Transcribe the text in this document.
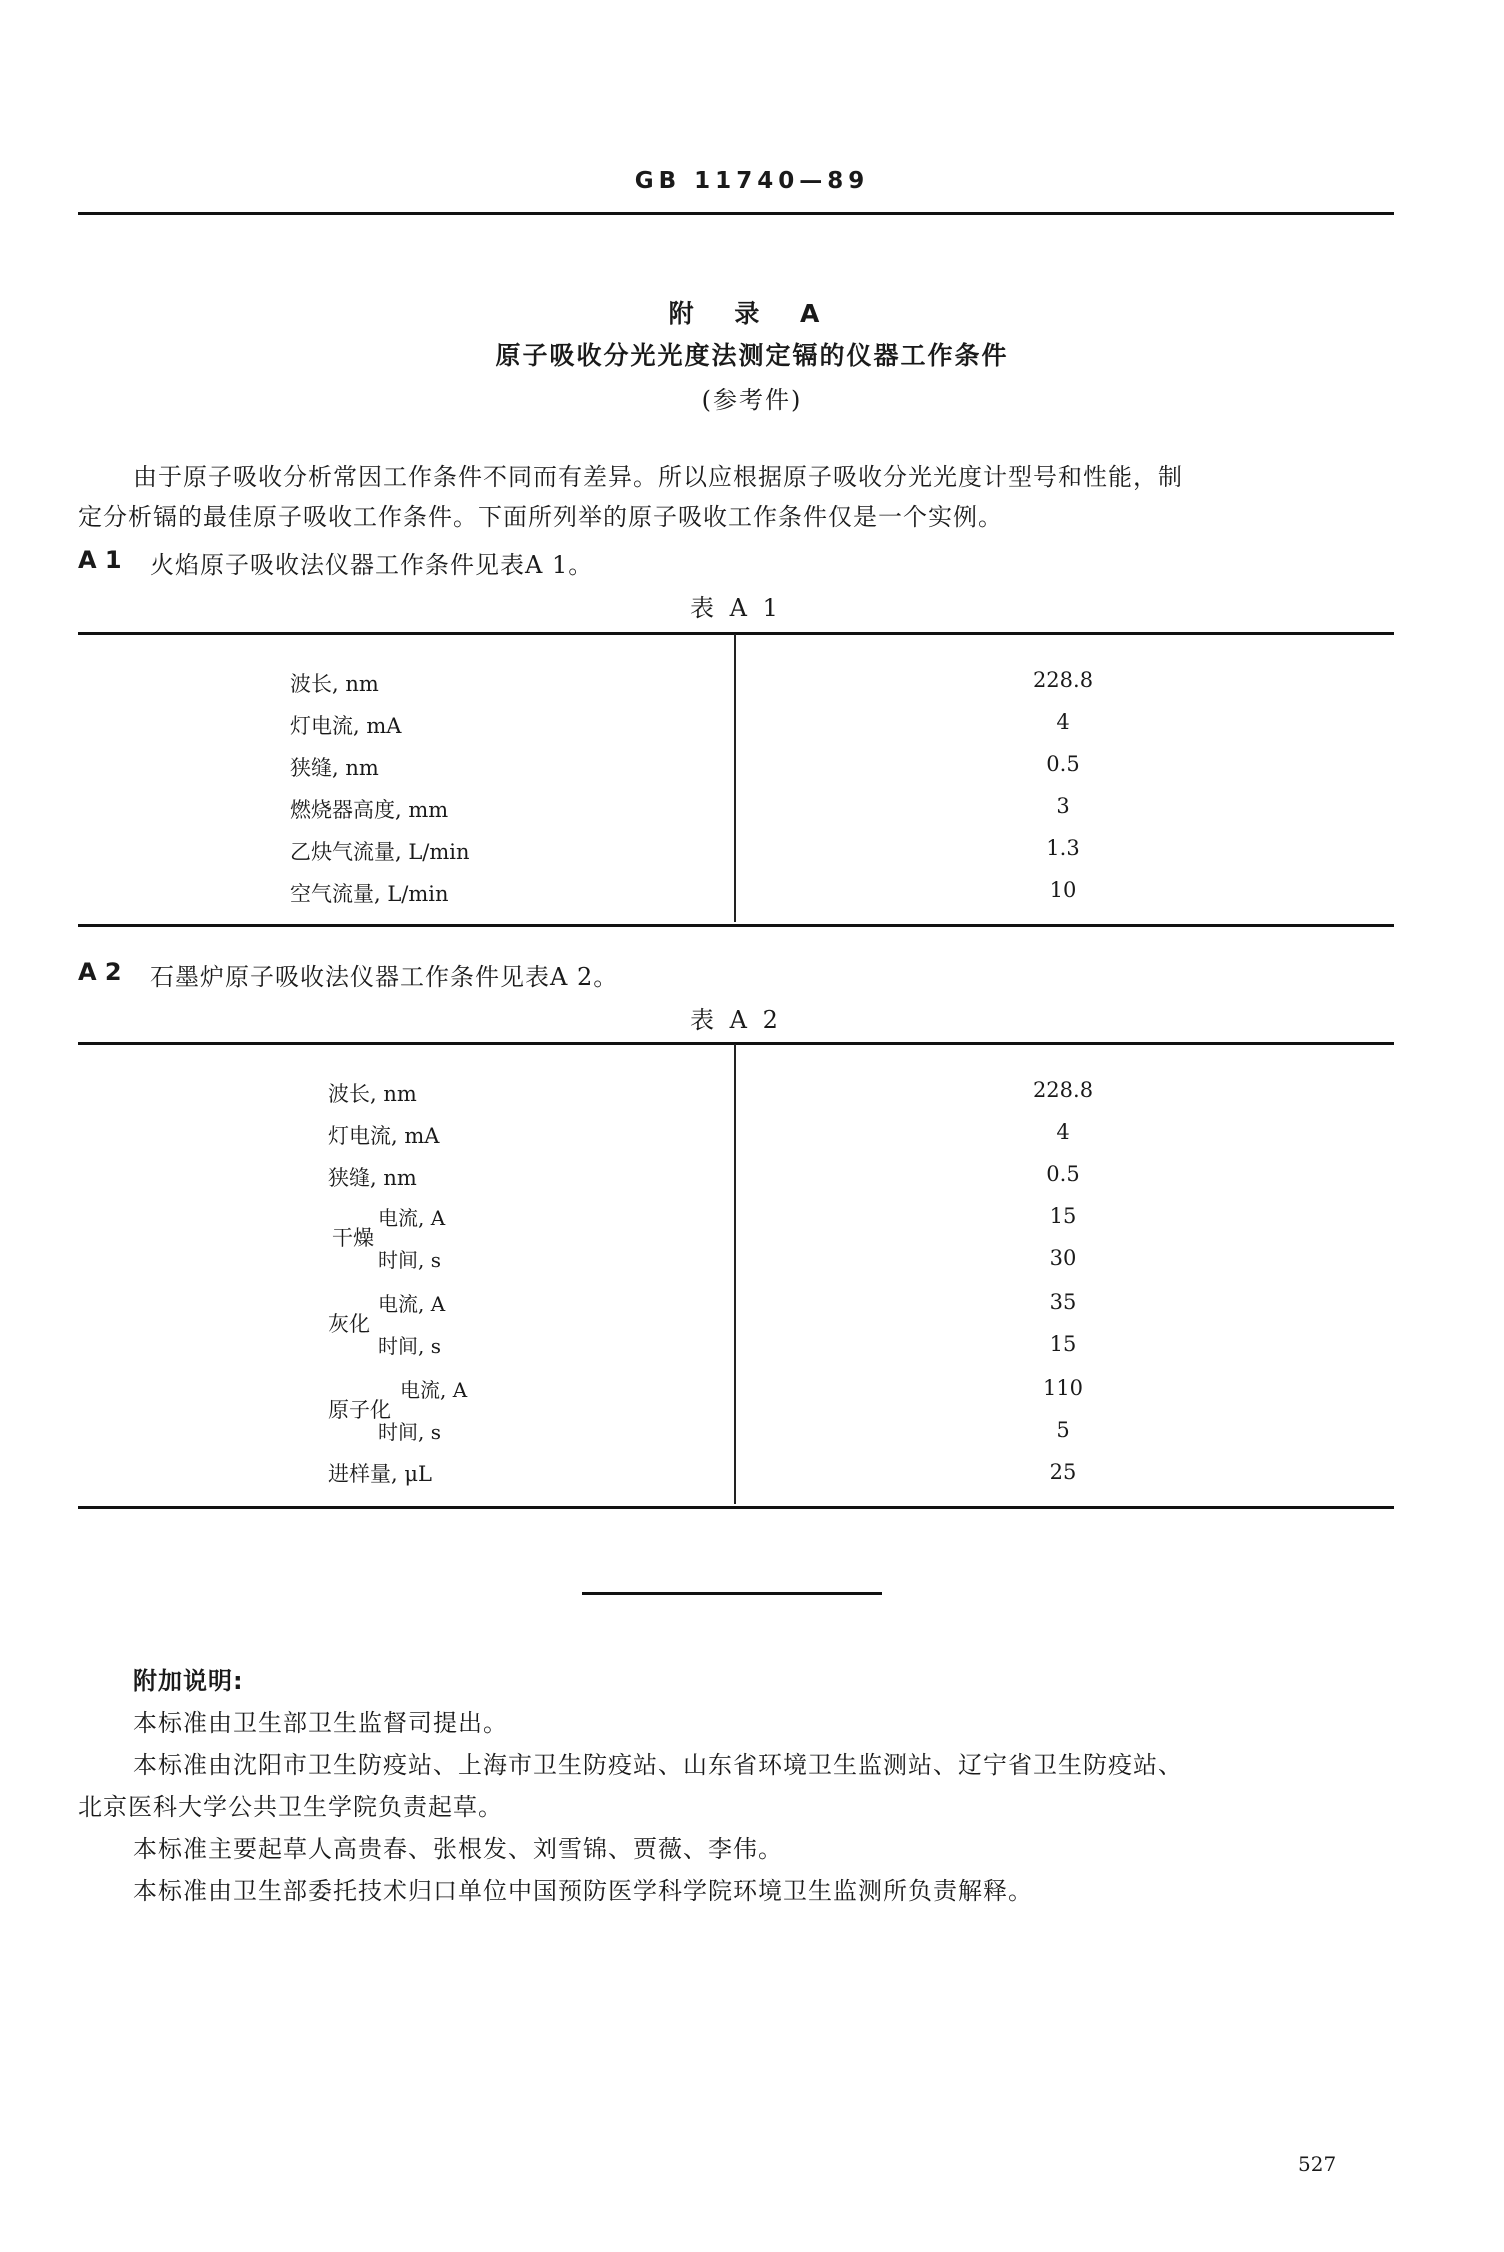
GB 11740—89
附 录 A
原子吸收分光光度法测定镉的仪器工作条件
(参考件)
由于原子吸收分析常因工作条件不同而有差异。所以应根据原子吸收分光光度计型号和性能，制
定分析镉的最佳原子吸收工作条件。下面所列举的原子吸收工作条件仅是一个实例。
A 1 火焰原子吸收法仪器工作条件见表A 1。
表 A 1
波长, nm	228.8
灯电流, mA	4
狭缝, nm	0.5
燃烧器高度, mm	3
乙炔气流量, L/min	1.3
空气流量, L/min	10
A 2 石墨炉原子吸收法仪器工作条件见表A 2。
表 A 2
波长, nm	228.8
灯电流, mA	4
狭缝, nm	0.5
干燥
电流, A	15
时间, s	30
灰化
电流, A	35
时间, s	15
原子化
电流, A	110
时间, s	5
进样量, μL	25
附加说明:
本标准由卫生部卫生监督司提出。
本标准由沈阳市卫生防疫站、上海市卫生防疫站、山东省环境卫生监测站、辽宁省卫生防疫站、
北京医科大学公共卫生学院负责起草。
本标准主要起草人高贵春、张根发、刘雪锦、贾薇、李伟。
本标准由卫生部委托技术归口单位中国预防医学科学院环境卫生监测所负责解释。
527
